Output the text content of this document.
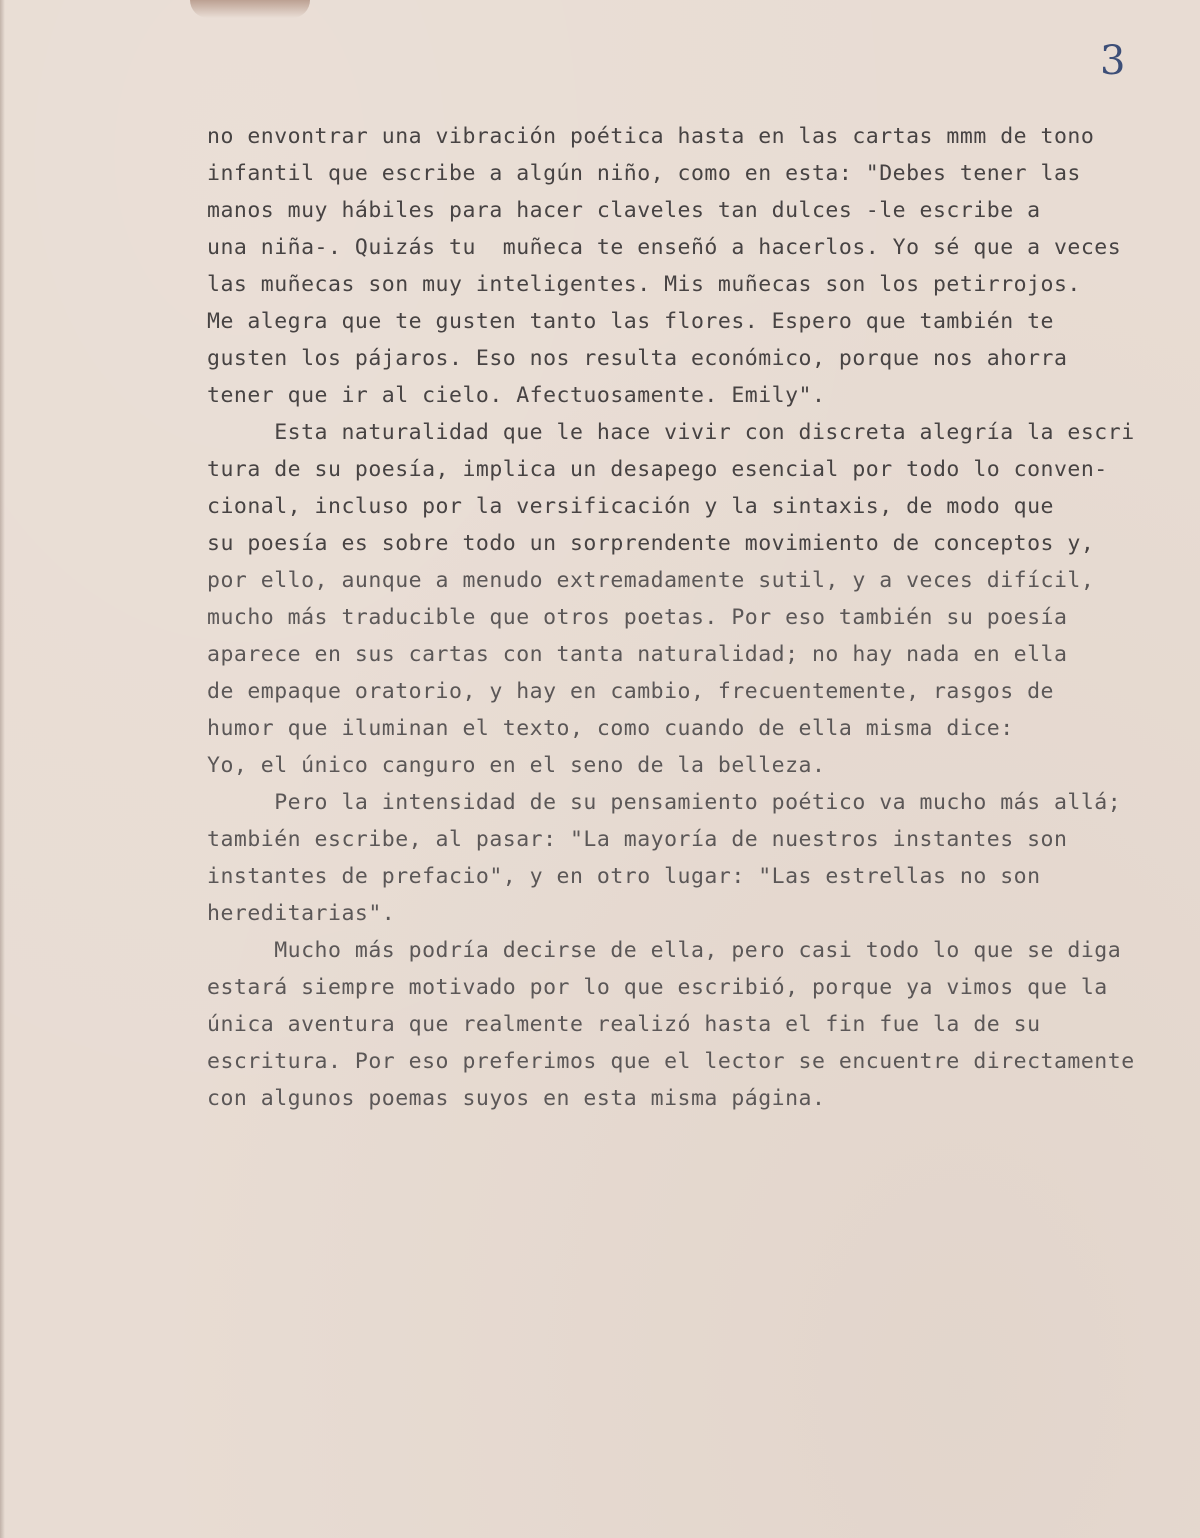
3

no envontrar una vibración poética hasta en las cartas mmm de tono

infantil que escribe a algún niño, como en esta: "Debes tener las

manos muy hábiles para hacer claveles tan dulces -le escribe a

una niña-. Quizás tu  muñeca te enseñó a hacerlos. Yo sé que a veces

las muñecas son muy inteligentes. Mis muñecas son los petirrojos.

Me alegra que te gusten tanto las flores. Espero que también te

gusten los pájaros. Eso nos resulta económico, porque nos ahorra

tener que ir al cielo. Afectuosamente. Emily".

Esta naturalidad que le hace vivir con discreta alegría la escri

tura de su poesía, implica un desapego esencial por todo lo conven-

cional, incluso por la versificación y la sintaxis, de modo que

su poesía es sobre todo un sorprendente movimiento de conceptos y,

por ello, aunque a menudo extremadamente sutil, y a veces difícil,

mucho más traducible que otros poetas. Por eso también su poesía

aparece en sus cartas con tanta naturalidad; no hay nada en ella

de empaque oratorio, y hay en cambio, frecuentemente, rasgos de

humor que iluminan el texto, como cuando de ella misma dice:

Yo, el único canguro en el seno de la belleza.

Pero la intensidad de su pensamiento poético va mucho más allá;

también escribe, al pasar: "La mayoría de nuestros instantes son

instantes de prefacio", y en otro lugar: "Las estrellas no son

hereditarias".

Mucho más podría decirse de ella, pero casi todo lo que se diga

estará siempre motivado por lo que escribió, porque ya vimos que la

única aventura que realmente realizó hasta el fin fue la de su

escritura. Por eso preferimos que el lector se encuentre directamente

con algunos poemas suyos en esta misma página.
